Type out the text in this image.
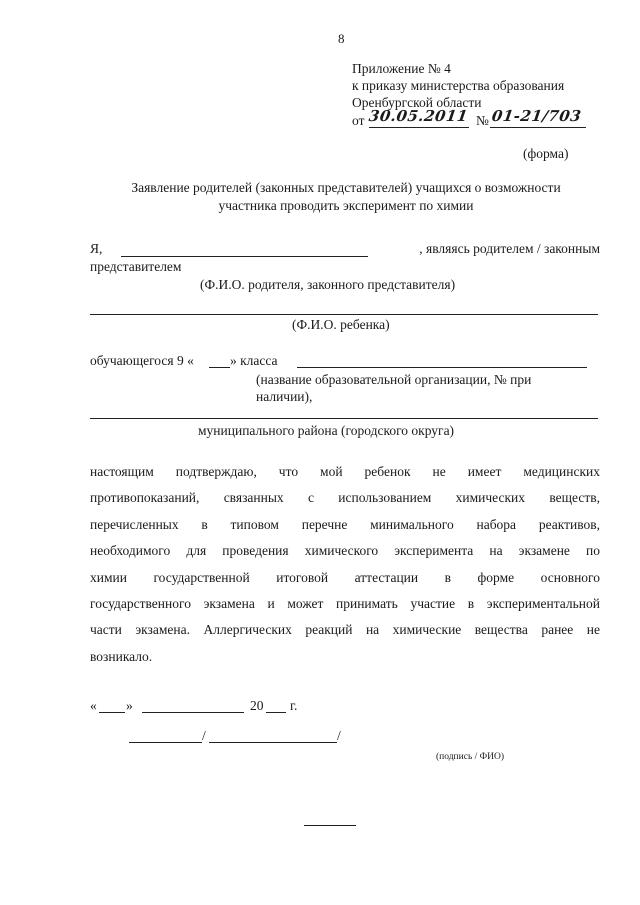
8
Приложение № 4
к приказу министерства образования
Оренбургской области
от 30.05.2011 № 01-21/703
(форма)
Заявление родителей (законных представителей) учащихся о возможности
участника проводить эксперимент по химии
Я,	, являясь родителем / законным
представителем
(Ф.И.О. родителя, законного представителя)
(Ф.И.О. ребенка)
обучающегося 9 «	» класса
(название образовательной организации, № при
наличии),
муниципального района (городского округа)
настоящим подтверждаю, что мой ребенок не имеет медицинских
противопоказаний, связанных с использованием химических веществ,
перечисленных в типовом перечне минимального набора реактивов,
необходимого для проведения химического эксперимента на экзамене по
химии государственной итоговой аттестации в форме основного
государственного экзамена и может принимать участие в экспериментальной
части экзамена. Аллергических реакций на химические вещества ранее не
возникало.
« »	20 г.
/	/
(подпись / ФИО)
